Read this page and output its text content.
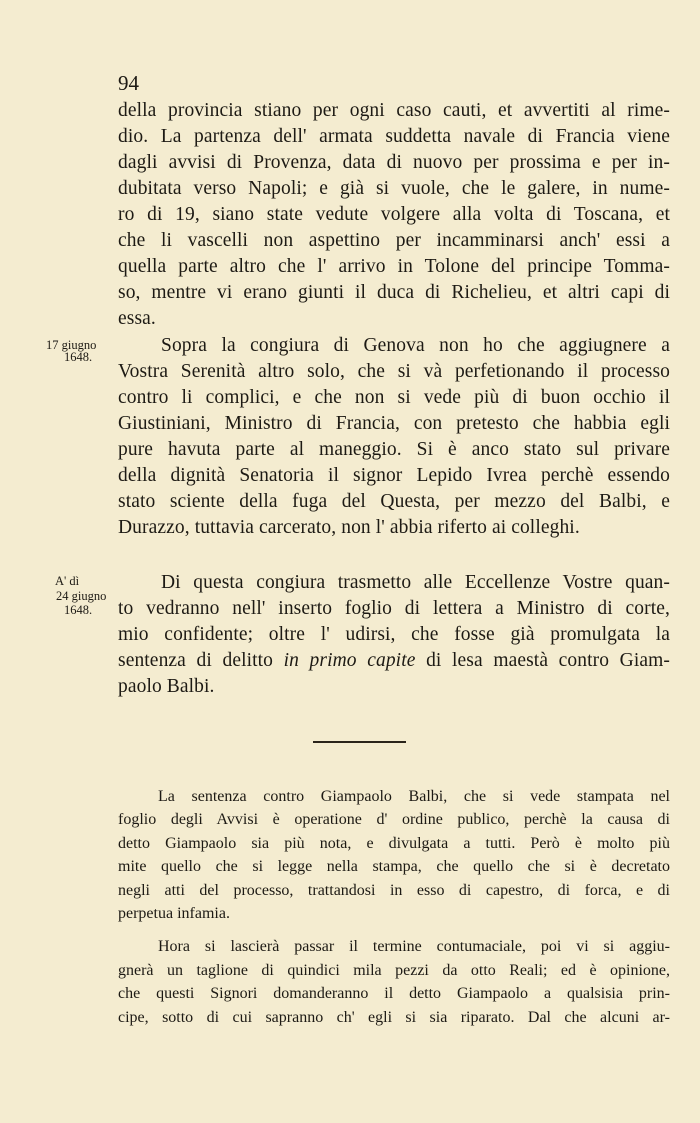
94
della provincia stiano per ogni caso cauti, et avvertiti al rime-
dio. La partenza dell' armata suddetta navale di Francia viene
dagli avvisi di Provenza, data di nuovo per prossima e per in-
dubitata verso Napoli; e già si vuole, che le galere, in nume-
ro di 19, siano state vedute volgere alla volta di Toscana, et
che li vascelli non aspettino per incamminarsi anch' essi a
quella parte altro che l' arrivo in Tolone del principe Tomma-
so, mentre vi erano giunti il duca di Richelieu, et altri capi di
essa.
17 giugno
1648.
Sopra la congiura di Genova non ho che aggiugnere a
Vostra Serenità altro solo, che si và perfetionando il processo
contro li complici, e che non si vede più di buon occhio il
Giustiniani, Ministro di Francia, con pretesto che habbia egli
pure havuta parte al maneggio. Si è anco stato sul privare
della dignità Senatoria il signor Lepido Ivrea perchè essendo
stato sciente della fuga del Questa, per mezzo del Balbi, e
Durazzo, tuttavia carcerato, non l' abbia riferto ai colleghi.
A' dì
24 giugno
1648.
Di questa congiura trasmetto alle Eccellenze Vostre quan-
to vedranno nell' inserto foglio di lettera a Ministro di corte,
mio confidente; oltre l' udirsi, che fosse già promulgata la
sentenza di delitto in primo capite di lesa maestà contro Giam-
paolo Balbi.
La sentenza contro Giampaolo Balbi, che si vede stampata nel
foglio degli Avvisi è operatione d' ordine publico, perchè la causa di
detto Giampaolo sia più nota, e divulgata a tutti. Però è molto più
mite quello che si legge nella stampa, che quello che si è decretato
negli atti del processo, trattandosi in esso di capestro, di forca, e di
perpetua infamia.
Hora si lascierà passar il termine contumaciale, poi vi si aggiu-
gnerà un taglione di quindici mila pezzi da otto Reali; ed è opinione,
che questi Signori domanderanno il detto Giampaolo a qualsisia prin-
cipe, sotto di cui sapranno ch' egli si sia riparato. Dal che alcuni ar-
